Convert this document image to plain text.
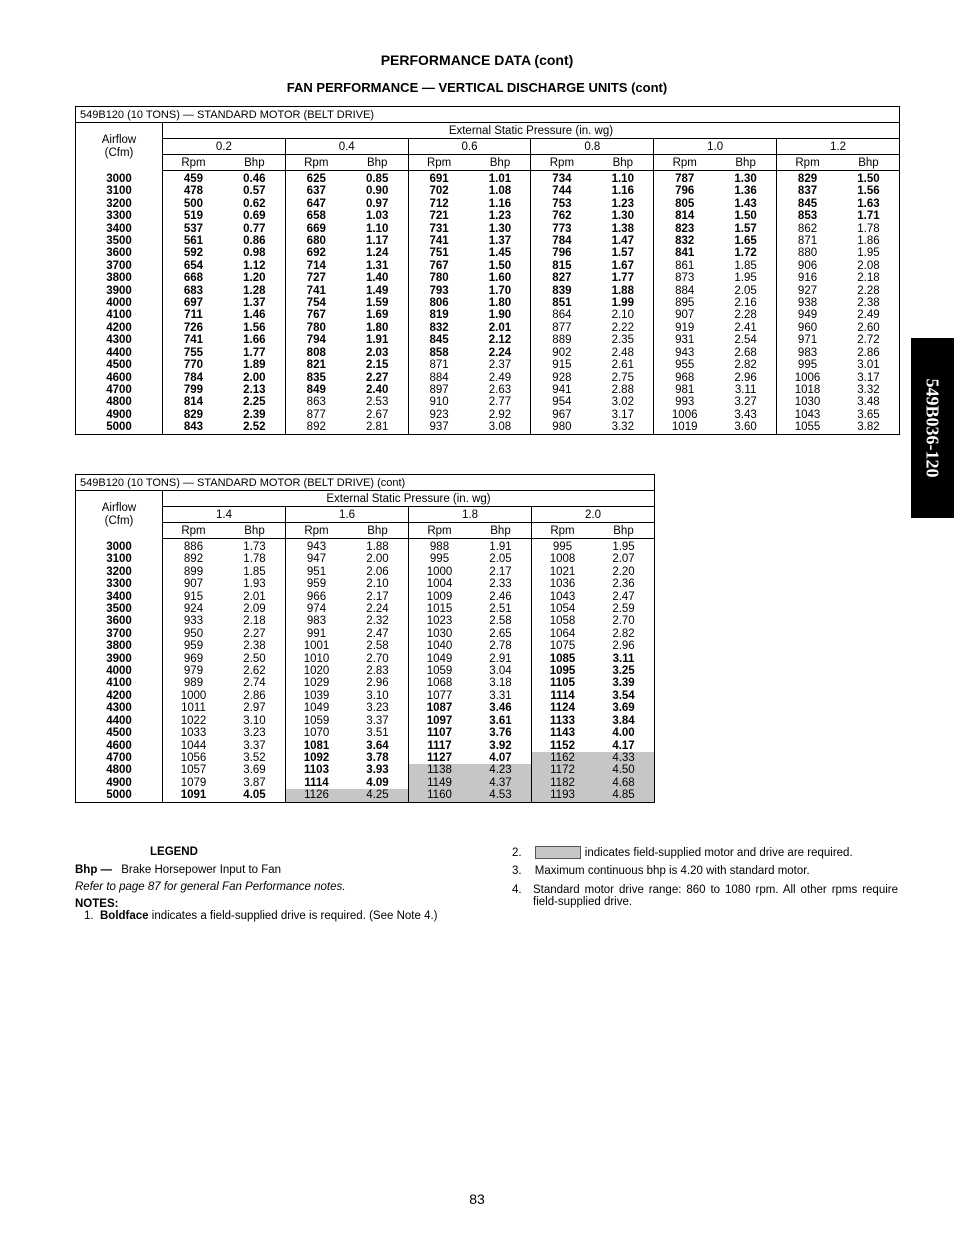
PERFORMANCE DATA (cont)
FAN PERFORMANCE — VERTICAL DISCHARGE UNITS (cont)
549B120 (10 TONS) — STANDARD MOTOR (BELT DRIVE)												

Airflow
(Cfm)	External Static Pressure (in. wg)											
	0.2		0.4		0.6		0.8		1.0		1.2	
	Rpm	Bhp	Rpm	Bhp	Rpm	Bhp	Rpm	Bhp	Rpm	Bhp	Rpm	Bhp
3000	459	0.46	625	0.85	691	1.01	734	1.10	787	1.30	829	1.50
3100	478	0.57	637	0.90	702	1.08	744	1.16	796	1.36	837	1.56
3200	500	0.62	647	0.97	712	1.16	753	1.23	805	1.43	845	1.63
3300	519	0.69	658	1.03	721	1.23	762	1.30	814	1.50	853	1.71
3400	537	0.77	669	1.10	731	1.30	773	1.38	823	1.57	862	1.78
3500	561	0.86	680	1.17	741	1.37	784	1.47	832	1.65	871	1.86
3600	592	0.98	692	1.24	751	1.45	796	1.57	841	1.72	880	1.95
3700	654	1.12	714	1.31	767	1.50	815	1.67	861	1.85	906	2.08
3800	668	1.20	727	1.40	780	1.60	827	1.77	873	1.95	916	2.18
3900	683	1.28	741	1.49	793	1.70	839	1.88	884	2.05	927	2.28
4000	697	1.37	754	1.59	806	1.80	851	1.99	895	2.16	938	2.38
4100	711	1.46	767	1.69	819	1.90	864	2.10	907	2.28	949	2.49
4200	726	1.56	780	1.80	832	2.01	877	2.22	919	2.41	960	2.60
4300	741	1.66	794	1.91	845	2.12	889	2.35	931	2.54	971	2.72
4400	755	1.77	808	2.03	858	2.24	902	2.48	943	2.68	983	2.86
4500	770	1.89	821	2.15	871	2.37	915	2.61	955	2.82	995	3.01
4600	784	2.00	835	2.27	884	2.49	928	2.75	968	2.96	1006	3.17
4700	799	2.13	849	2.40	897	2.63	941	2.88	981	3.11	1018	3.32
4800	814	2.25	863	2.53	910	2.77	954	3.02	993	3.27	1030	3.48
4900	829	2.39	877	2.67	923	2.92	967	3.17	1006	3.43	1043	3.65
5000	843	2.52	892	2.81	937	3.08	980	3.32	1019	3.60	1055	3.82
549B120 (10 TONS) — STANDARD MOTOR (BELT DRIVE) (cont)								

Airflow
(Cfm)	External Static Pressure (in. wg)							
	1.4		1.6		1.8		2.0	
	Rpm	Bhp	Rpm	Bhp	Rpm	Bhp	Rpm	Bhp
3000	886	1.73	943	1.88	988	1.91	995	1.95
3100	892	1.78	947	2.00	995	2.05	1008	2.07
3200	899	1.85	951	2.06	1000	2.17	1021	2.20
3300	907	1.93	959	2.10	1004	2.33	1036	2.36
3400	915	2.01	966	2.17	1009	2.46	1043	2.47
3500	924	2.09	974	2.24	1015	2.51	1054	2.59
3600	933	2.18	983	2.32	1023	2.58	1058	2.70
3700	950	2.27	991	2.47	1030	2.65	1064	2.82
3800	959	2.38	1001	2.58	1040	2.78	1075	2.96
3900	969	2.50	1010	2.70	1049	2.91	1085	3.11
4000	979	2.62	1020	2.83	1059	3.04	1095	3.25
4100	989	2.74	1029	2.96	1068	3.18	1105	3.39
4200	1000	2.86	1039	3.10	1077	3.31	1114	3.54
4300	1011	2.97	1049	3.23	1087	3.46	1124	3.69
4400	1022	3.10	1059	3.37	1097	3.61	1133	3.84
4500	1033	3.23	1070	3.51	1107	3.76	1143	4.00
4600	1044	3.37	1081	3.64	1117	3.92	1152	4.17
4700	1056	3.52	1092	3.78	1127	4.07	1162	4.33
4800	1057	3.69	1103	3.93	1138	4.23	1172	4.50
4900	1079	3.87	1114	4.09	1149	4.37	1182	4.68
5000	1091	4.05	1126	4.25	1160	4.53	1193	4.85
LEGEND
Bhp — Brake Horsepower Input to Fan
Refer to page 87 for general Fan Performance notes.
NOTES:
1. Boldface indicates a field-supplied drive is required. (See Note 4.)
2.	indicates field-supplied motor and drive are required.
3. Maximum continuous bhp is 4.20 with standard motor.
4. Standard motor drive range: 860 to 1080 rpm. All other rpms require field-supplied drive.
549B036-120
83
